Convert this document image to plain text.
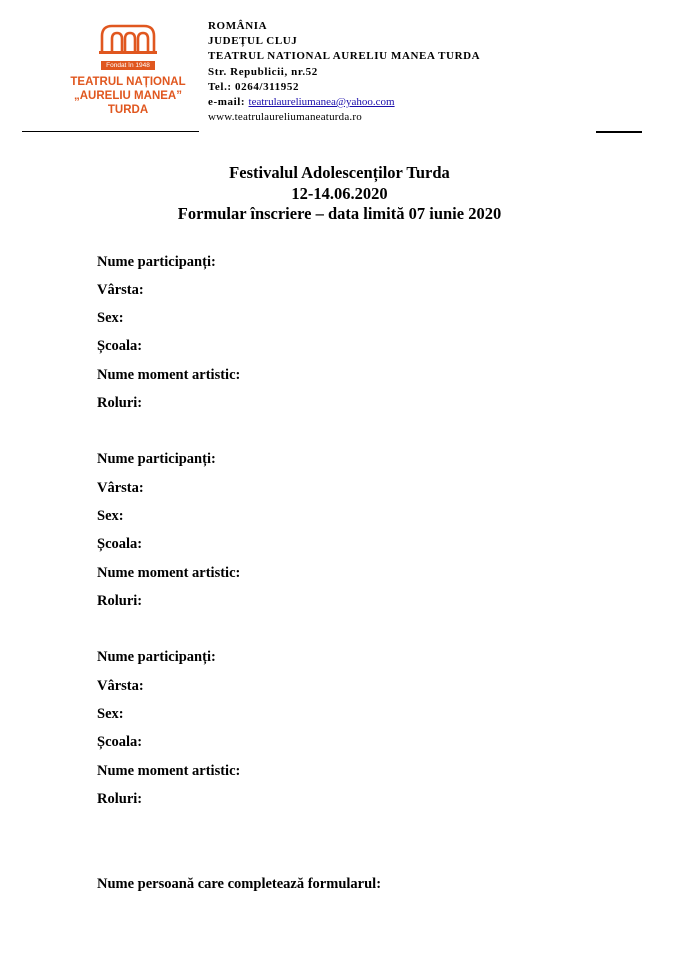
Fondat în 1948
TEATRUL NAȚIONAL
„AURELIU MANEA”
TURDA
ROMÂNIA
JUDEȚUL CLUJ
TEATRUL NATIONAL AURELIU MANEA TURDA
Str. Republicii, nr.52
Tel.: 0264/311952
e-mail: teatrulaureliumanea@yahoo.com
www.teatrulaureliumaneaturda.ro
Festivalul Adolescenților Turda
12-14.06.2020
Formular înscriere – data limită 07 iunie 2020
Nume participanți:
Vârsta:
Sex:
Școala:
Nume moment artistic:
Roluri:
Nume participanți:
Vârsta:
Sex:
Școala:
Nume moment artistic:
Roluri:
Nume participanți:
Vârsta:
Sex:
Școala:
Nume moment artistic:
Roluri:
Nume persoană care completează formularul:
